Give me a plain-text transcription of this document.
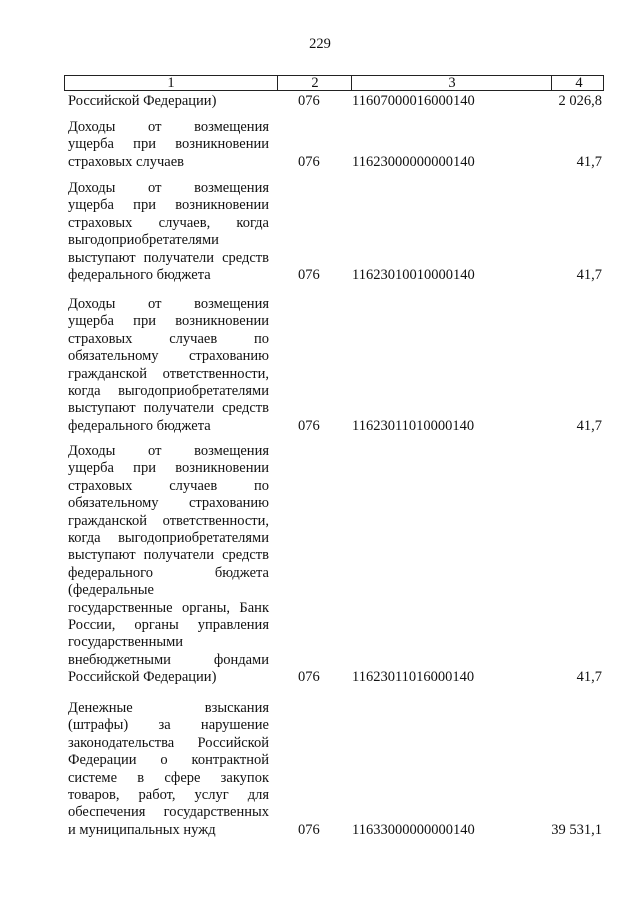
229
1	2	3	4
Российской Федерации)	076 11607000016000140	2 026,8
Доходы от возмещения
ущерба при возникновении
страховых случаев	076 11623000000000140	41,7
Доходы от возмещения
ущерба при возникновении
страховых случаев, когда
выгодоприобретателями
выступают получатели средств
федерального бюджета	076 11623010010000140	41,7
Доходы от возмещения
ущерба при возникновении
страховых случаев по
обязательному страхованию
гражданской ответственности,
когда выгодоприобретателями
выступают получатели средств
федерального бюджета	076 11623011010000140	41,7
Доходы от возмещения
ущерба при возникновении
страховых случаев по
обязательному страхованию
гражданской ответственности,
когда выгодоприобретателями
выступают получатели средств
федерального бюджета
(федеральные
государственные органы, Банк
России, органы управления
государственными
внебюджетными фондами
Российской Федерации)	076 11623011016000140	41,7
Денежные взыскания
(штрафы) за нарушение
законодательства Российской
Федерации о контрактной
системе в сфере закупок
товаров, работ, услуг для
обеспечения государственных
и муниципальных нужд	076 11633000000000140	39 531,1
